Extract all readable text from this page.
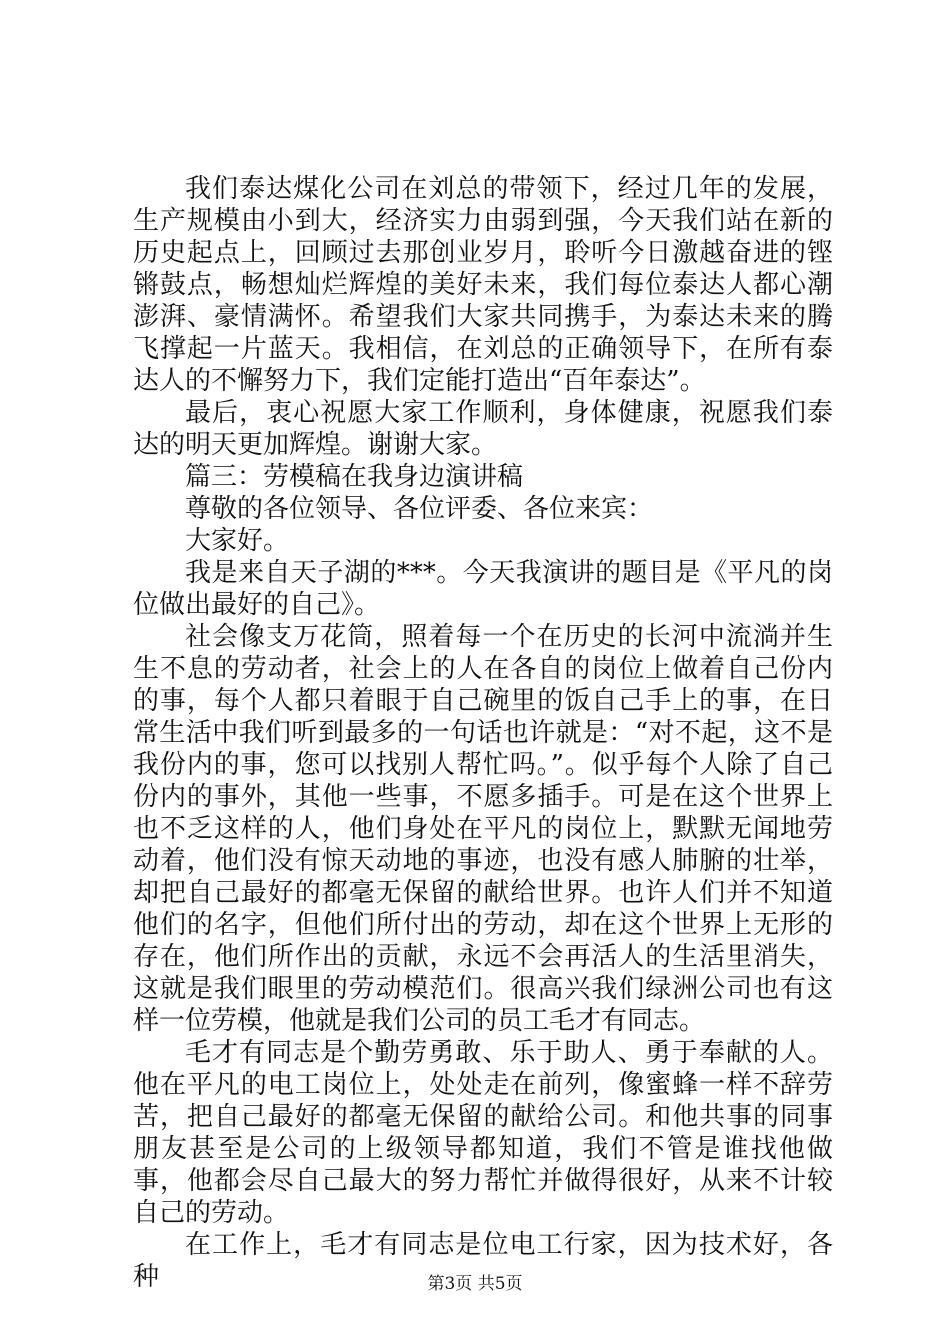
我们泰达煤化公司在刘总的带领下，经过几年的发展，生产规模由小到大，经济实力由弱到强，今天我们站在新的历史起点上，回顾过去那创业岁月，聆听今日激越奋进的铿锵鼓点，畅想灿烂辉煌的美好未来，我们每位泰达人都心潮澎湃、豪情满怀。希望我们大家共同携手，为泰达未来的腾飞撑起一片蓝天。我相信，在刘总的正确领导下，在所有泰达人的不懈努力下，我们定能打造出“百年泰达”。

最后，衷心祝愿大家工作顺利，身体健康，祝愿我们泰达的明天更加辉煌。谢谢大家。

篇三：劳模稿在我身边演讲稿

尊敬的各位领导、各位评委、各位来宾：

大家好。

我是来自天子湖的***。今天我演讲的题目是《平凡的岗位做出最好的自己》。

社会像支万花筒，照着每一个在历史的长河中流淌并生生不息的劳动者，社会上的人在各自的岗位上做着自己份内的事，每个人都只着眼于自己碗里的饭自己手上的事，在日常生活中我们听到最多的一句话也许就是：“对不起，这不是我份内的事，您可以找别人帮忙吗。”。似乎每个人除了自己份内的事外，其他一些事，不愿多插手。可是在这个世界上也不乏这样的人，他们身处在平凡的岗位上，默默无闻地劳动着，他们没有惊天动地的事迹，也没有感人肺腑的壮举，却把自己最好的都毫无保留的献给世界。也许人们并不知道他们的名字，但他们所付出的劳动，却在这个世界上无形的存在，他们所作出的贡献，永远不会再活人的生活里消失，这就是我们眼里的劳动模范们。很高兴我们绿洲公司也有这样一位劳模，他就是我们公司的员工毛才有同志。

毛才有同志是个勤劳勇敢、乐于助人、勇于奉献的人。他在平凡的电工岗位上，处处走在前列，像蜜蜂一样不辞劳苦，把自己最好的都毫无保留的献给公司。和他共事的同事朋友甚至是公司的上级领导都知道，我们不管是谁找他做事，他都会尽自己最大的努力帮忙并做得很好，从来不计较自己的劳动。

在工作上，毛才有同志是位电工行家，因为技术好，各种	第3页 共5页
